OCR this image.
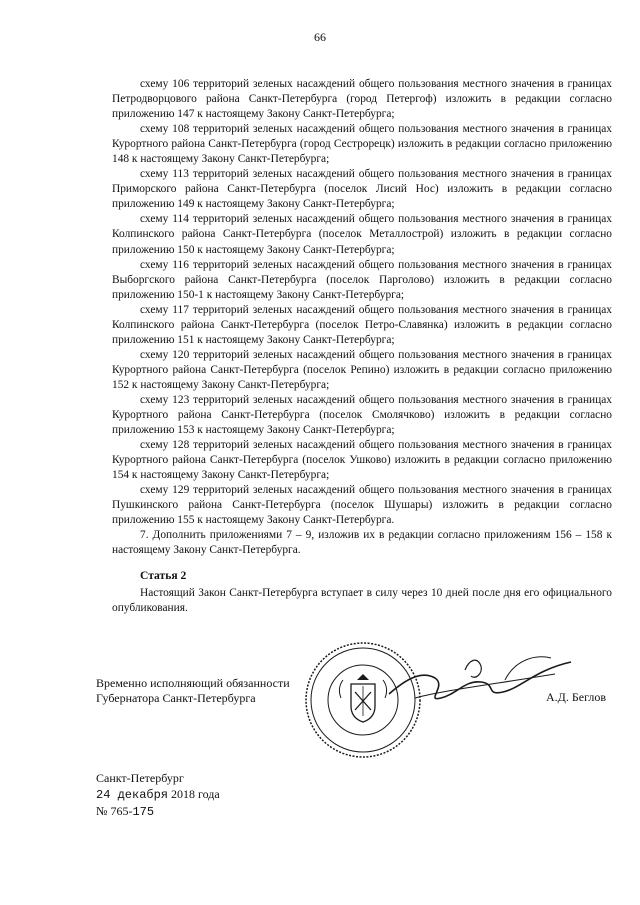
66

схему 106 территорий зеленых насаждений общего пользования местного значения в границах Петродворцового района Санкт-Петербурга (город Петергоф) изложить в редакции согласно приложению 147 к настоящему Закону Санкт-Петербурга;

схему 108 территорий зеленых насаждений общего пользования местного значения в границах Курортного района Санкт-Петербурга (город Сестрорецк) изложить в редакции согласно приложению 148 к настоящему Закону Санкт-Петербурга;

схему 113 территорий зеленых насаждений общего пользования местного значения в границах Приморского района Санкт-Петербурга (поселок Лисий Нос) изложить в редакции согласно приложению 149 к настоящему Закону Санкт-Петербурга;

схему 114 территорий зеленых насаждений общего пользования местного значения в границах Колпинского района Санкт-Петербурга (поселок Металлострой) изложить в редакции согласно приложению 150 к настоящему Закону Санкт-Петербурга;

схему 116 территорий зеленых насаждений общего пользования местного значения в границах Выборгского района Санкт-Петербурга (поселок Парголово) изложить в редакции согласно приложению 150-1 к настоящему Закону Санкт-Петербурга;

схему 117 территорий зеленых насаждений общего пользования местного значения в границах Колпинского района Санкт-Петербурга (поселок Петро-Славянка) изложить в редакции согласно приложению 151 к настоящему Закону Санкт-Петербурга;

схему 120 территорий зеленых насаждений общего пользования местного значения в границах Курортного района Санкт-Петербурга (поселок Репино) изложить в редакции согласно приложению 152 к настоящему Закону Санкт-Петербурга;

схему 123 территорий зеленых насаждений общего пользования местного значения в границах Курортного района Санкт-Петербурга (поселок Смолячково) изложить в редакции согласно приложению 153 к настоящему Закону Санкт-Петербурга;

схему 128 территорий зеленых насаждений общего пользования местного значения в границах Курортного района Санкт-Петербурга (поселок Ушково) изложить в редакции согласно приложению 154 к настоящему Закону Санкт-Петербурга;

схему 129 территорий зеленых насаждений общего пользования местного значения в границах Пушкинского района Санкт-Петербурга (поселок Шушары) изложить в редакции согласно приложению 155 к настоящему Закону Санкт-Петербурга.

7. Дополнить приложениями 7 – 9, изложив их в редакции согласно приложениям 156 – 158 к настоящему Закону Санкт-Петербурга.

Статья 2

Настоящий Закон Санкт-Петербурга вступает в силу через 10 дней после дня его официального опубликования.

Временно исполняющий обязанности
Губернатора Санкт-Петербурга	А.Д. Беглов
Санкт-Петербург
24 декабря 2018 года
№ 765-175
